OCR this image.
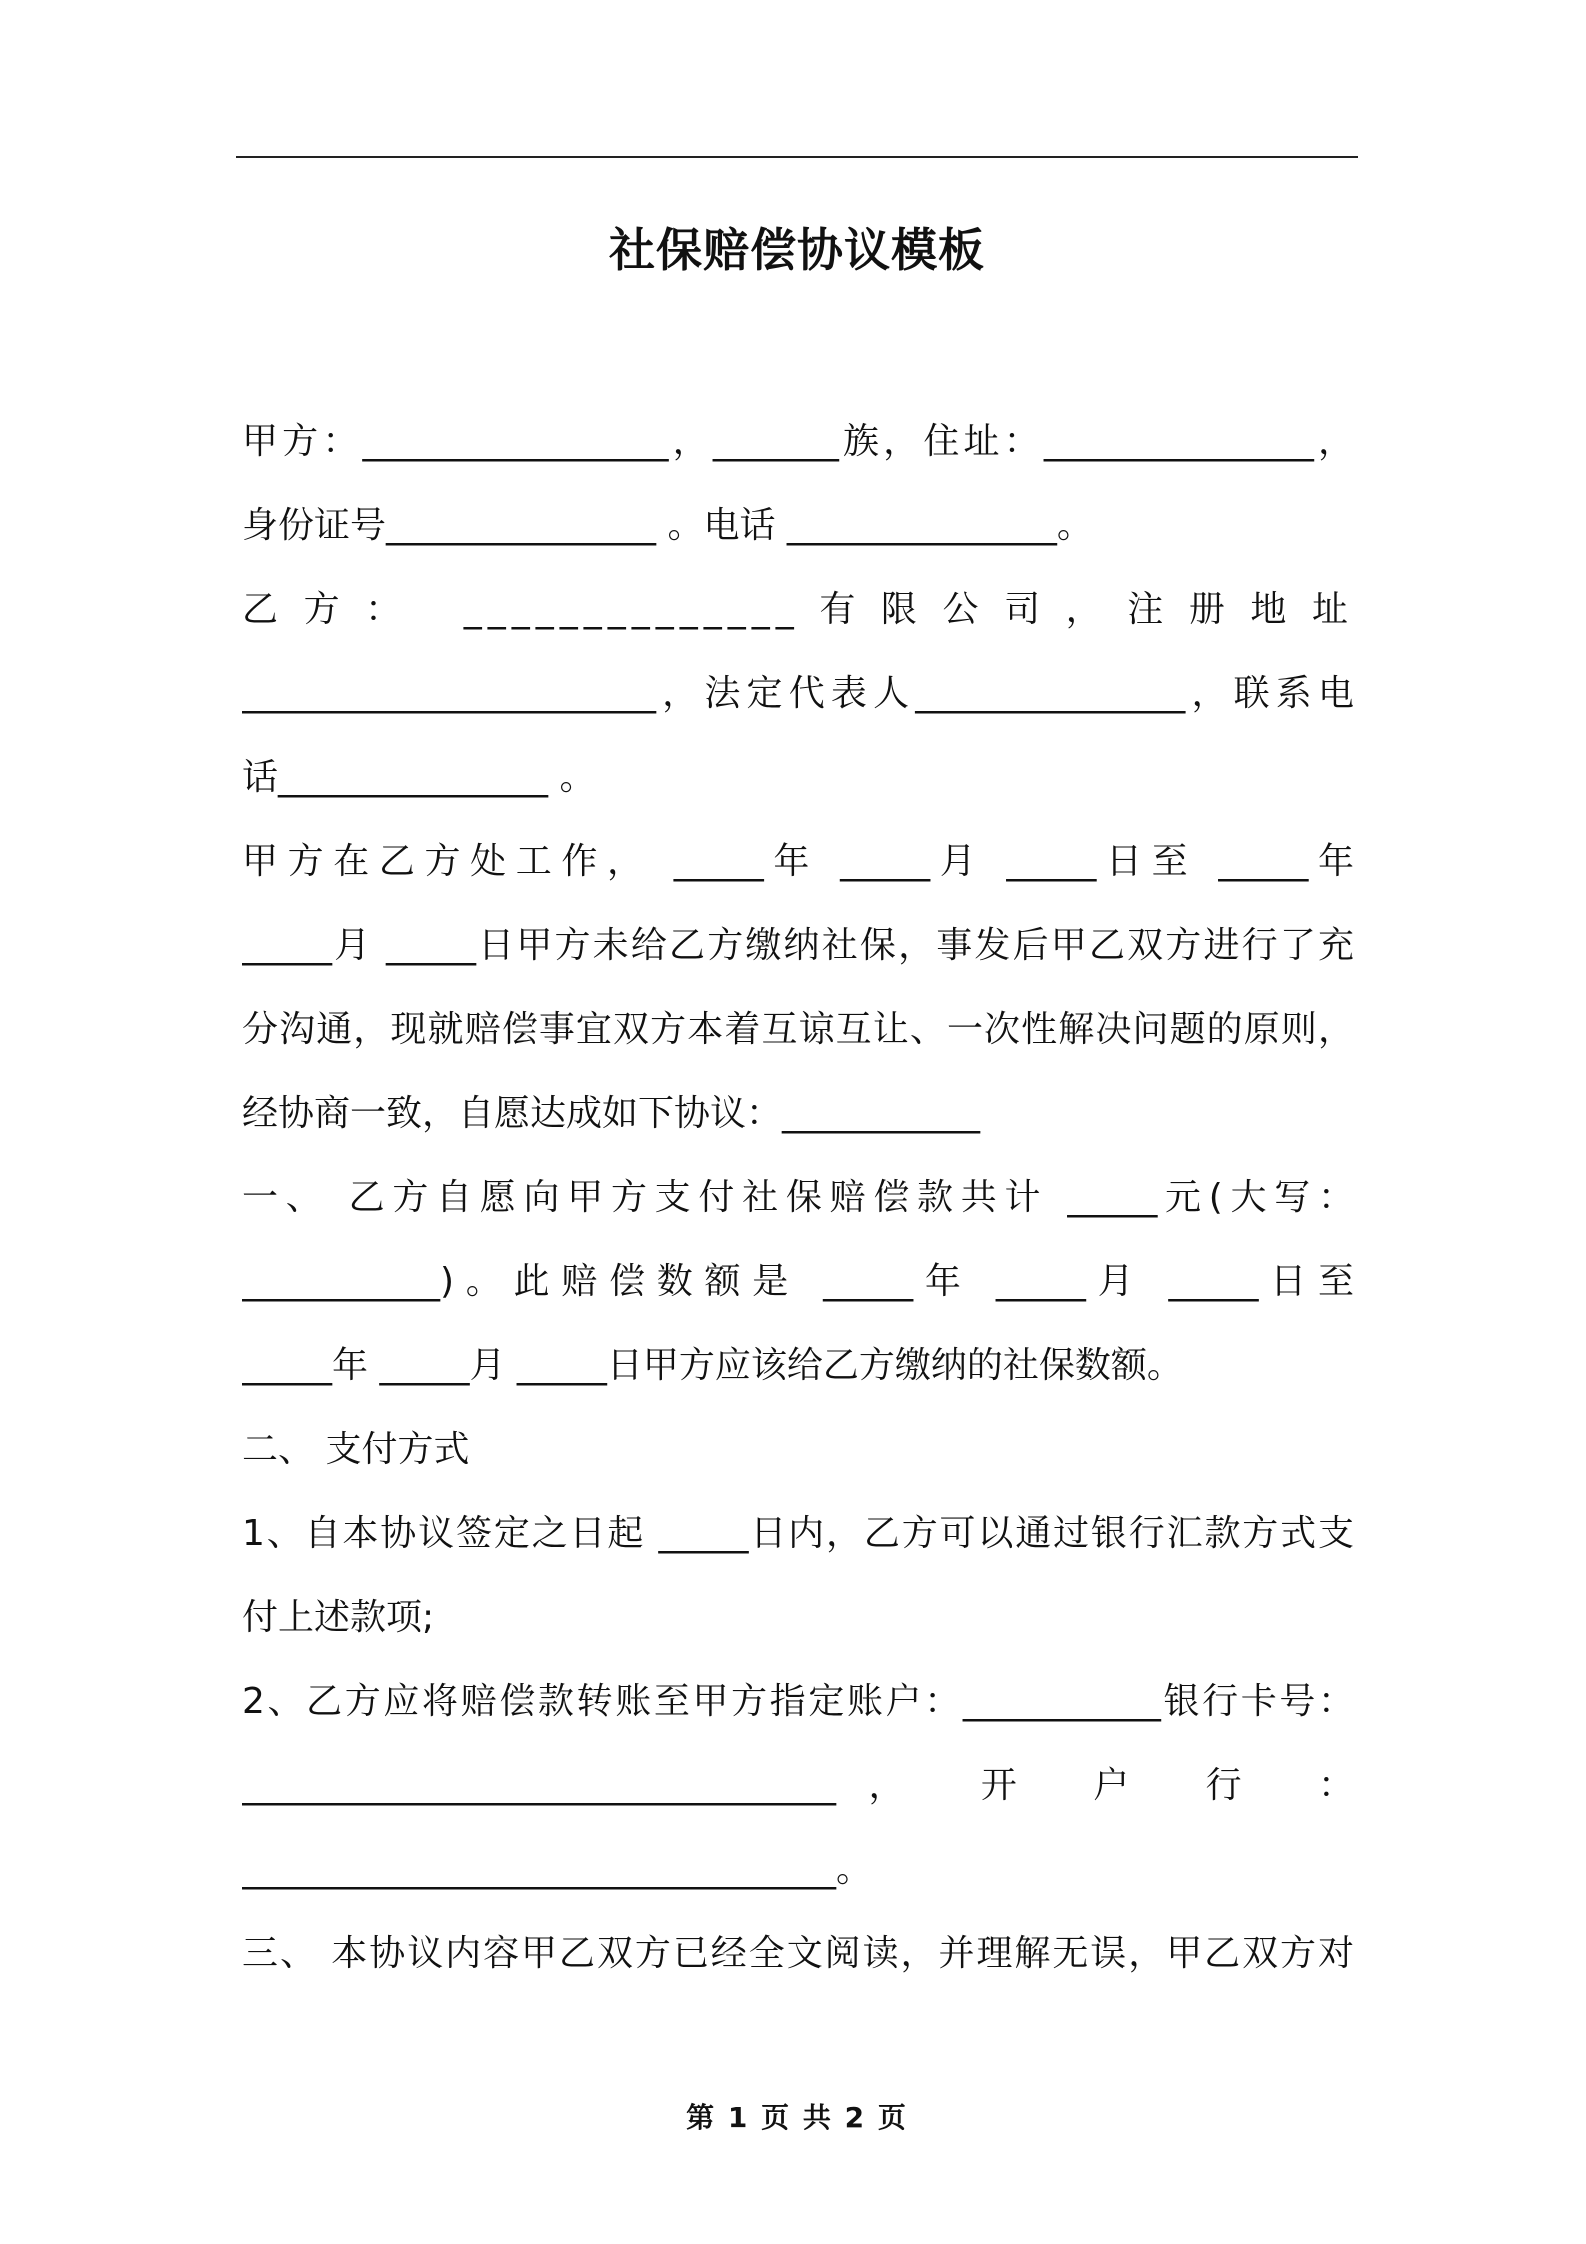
社保赔偿协议模板
甲方：_________________，_______族，住址：_______________，
身份证号_______________ 。电话 _______________。
乙方： ______________有限公司，注册地址
_______________________，法定代表人_______________，联系电
话_______________ 。
甲方在乙方处工作， _____年 _____月 _____日至 _____年
_____月 _____日甲方未给乙方缴纳社保，事发后甲乙双方进行了充
分沟通，现就赔偿事宜双方本着互谅互让、一次性解决问题的原则，
经协商一致，自愿达成如下协议：___________
一、 乙方自愿向甲方支付社保赔偿款共计 _____元(大写：
___________)。此赔偿数额是 _____年 _____月 _____日至
_____年 _____月 _____日甲方应该给乙方缴纳的社保数额。
二、 支付方式
1、自本协议签定之日起 _____日内，乙方可以通过银行汇款方式支
付上述款项;
2、乙方应将赔偿款转账至甲方指定账户：___________银行卡号：
_________________________________， 开 户 行 ：
_________________________________。
三、 本协议内容甲乙双方已经全文阅读，并理解无误，甲乙双方对
第 1 页 共 2 页
